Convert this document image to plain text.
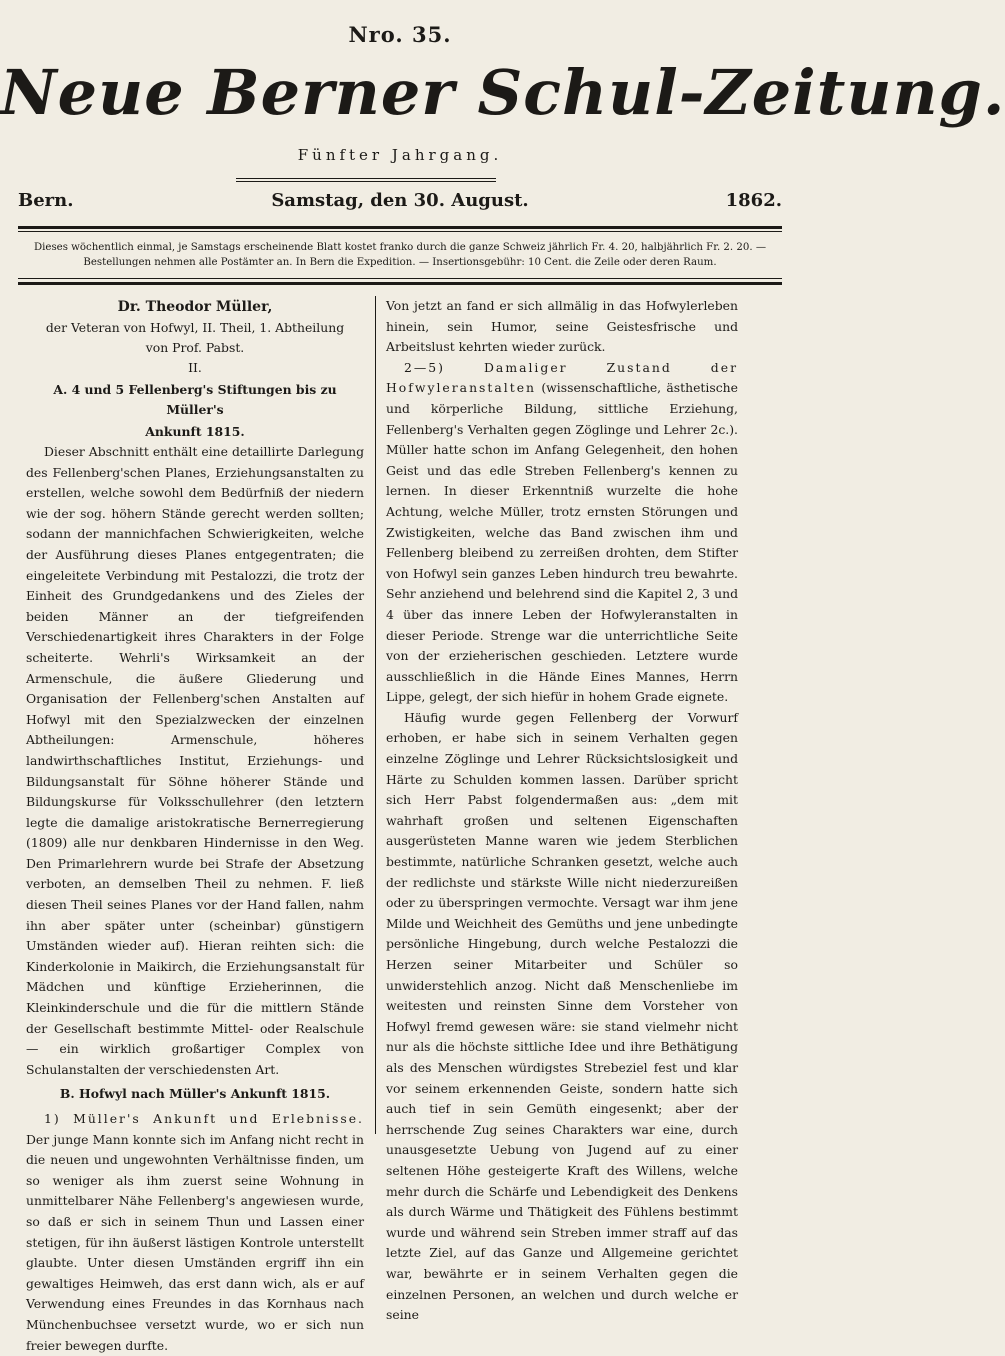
Nro. 35.
Neue Berner Schul-Zeitung.
Fünfter Jahrgang.
Bern.	Samstag, den 30. August.	1862.
Dieses wöchentlich einmal, je Samstags erscheinende Blatt kostet franko durch die ganze Schweiz jährlich Fr. 4. 20, halbjährlich Fr. 2. 20. — Bestellungen nehmen alle Postämter an. In Bern die Expedition. — Insertionsgebühr: 10 Cent. die Zeile oder deren Raum.
Dr. Theodor Müller,
der Veteran von Hofwyl, II. Theil, 1. Abtheilung
von Prof. Pabst.
II.
A. 4 und 5 Fellenberg's Stiftungen bis zu Müller's
Ankunft 1815.

Dieser Abschnitt enthält eine detaillirte Darlegung des Fellenberg'schen Planes, Erziehungsanstalten zu erstellen, welche sowohl dem Bedürfniß der niedern wie der sog. höhern Stände gerecht werden sollten; sodann der mannichfachen Schwierigkeiten, welche der Ausführung dieses Planes entgegentraten; die eingeleitete Verbindung mit Pestalozzi, die trotz der Einheit des Grundgedankens und des Zieles der beiden Männer an der tiefgreifenden Verschiedenartigkeit ihres Charakters in der Folge scheiterte. Wehrli's Wirksamkeit an der Armenschule, die äußere Gliederung und Organisation der Fellenberg'schen Anstalten auf Hofwyl mit den Spezialzwecken der einzelnen Abtheilungen: Armenschule, höheres landwirthschaftliches Institut, Erziehungs- und Bildungsanstalt für Söhne höherer Stände und Bildungskurse für Volksschullehrer (den letztern legte die damalige aristokratische Bernerregierung (1809) alle nur denkbaren Hindernisse in den Weg. Den Primarlehrern wurde bei Strafe der Absetzung verboten, an demselben Theil zu nehmen. F. ließ diesen Theil seines Planes vor der Hand fallen, nahm ihn aber später unter (scheinbar) günstigern Umständen wieder auf). Hieran reihten sich: die Kinderkolonie in Maikirch, die Erziehungsanstalt für Mädchen und künftige Erzieherinnen, die Kleinkinderschule und die für die mittlern Stände der Gesellschaft bestimmte Mittel- oder Realschule — ein wirklich großartiger Complex von Schulanstalten der verschiedensten Art.

B. Hofwyl nach Müller's Ankunft 1815.

1) Müller's Ankunft und Erlebnisse. Der junge Mann konnte sich im Anfang nicht recht in die neuen und ungewohnten Verhältnisse finden, um so weniger als ihm zuerst seine Wohnung in unmittelbarer Nähe Fellenberg's angewiesen wurde, so daß er sich in seinem Thun und Lassen einer stetigen, für ihn äußerst lästigen Kontrole unterstellt glaubte. Unter diesen Umständen ergriff ihn ein gewaltiges Heimweh, das erst dann wich, als er auf Verwendung eines Freundes in das Kornhaus nach Münchenbuchsee versetzt wurde, wo er sich nun freier bewegen durfte.

Von jetzt an fand er sich allmälig in das Hofwylerleben hinein, sein Humor, seine Geistesfrische und Arbeitslust kehrten wieder zurück.

2—5) Damaliger Zustand der Hofwyleranstalten (wissenschaftliche, ästhetische und körperliche Bildung, sittliche Erziehung, Fellenberg's Verhalten gegen Zöglinge und Lehrer 2c.). Müller hatte schon im Anfang Gelegenheit, den hohen Geist und das edle Streben Fellenberg's kennen zu lernen. In dieser Erkenntniß wurzelte die hohe Achtung, welche Müller, trotz ernsten Störungen und Zwistigkeiten, welche das Band zwischen ihm und Fellenberg bleibend zu zerreißen drohten, dem Stifter von Hofwyl sein ganzes Leben hindurch treu bewahrte. Sehr anziehend und belehrend sind die Kapitel 2, 3 und 4 über das innere Leben der Hofwyleranstalten in dieser Periode. Strenge war die unterrichtliche Seite von der erzieherischen geschieden. Letztere wurde ausschließlich in die Hände Eines Mannes, Herrn Lippe, gelegt, der sich hiefür in hohem Grade eignete.

Häufig wurde gegen Fellenberg der Vorwurf erhoben, er habe sich in seinem Verhalten gegen einzelne Zöglinge und Lehrer Rücksichtslosigkeit und Härte zu Schulden kommen lassen. Darüber spricht sich Herr Pabst folgendermaßen aus: „dem mit wahrhaft großen und seltenen Eigenschaften ausgerüsteten Manne waren wie jedem Sterblichen bestimmte, natürliche Schranken gesetzt, welche auch der redlichste und stärkste Wille nicht niederzureißen oder zu überspringen vermochte. Versagt war ihm jene Milde und Weichheit des Gemüths und jene unbedingte persönliche Hingebung, durch welche Pestalozzi die Herzen seiner Mitarbeiter und Schüler so unwiderstehlich anzog. Nicht daß Menschenliebe im weitesten und reinsten Sinne dem Vorsteher von Hofwyl fremd gewesen wäre: sie stand vielmehr nicht nur als die höchste sittliche Idee und ihre Bethätigung als des Menschen würdigstes Strebeziel fest und klar vor seinem erkennenden Geiste, sondern hatte sich auch tief in sein Gemüth eingesenkt; aber der herrschende Zug seines Charakters war eine, durch unausgesetzte Uebung von Jugend auf zu einer seltenen Höhe gesteigerte Kraft des Willens, welche mehr durch die Schärfe und Lebendigkeit des Denkens als durch Wärme und Thätigkeit des Fühlens bestimmt wurde und während sein Streben immer straff auf das letzte Ziel, auf das Ganze und Allgemeine gerichtet war, bewährte er in seinem Verhalten gegen die einzelnen Personen, an welchen und durch welche er seine
